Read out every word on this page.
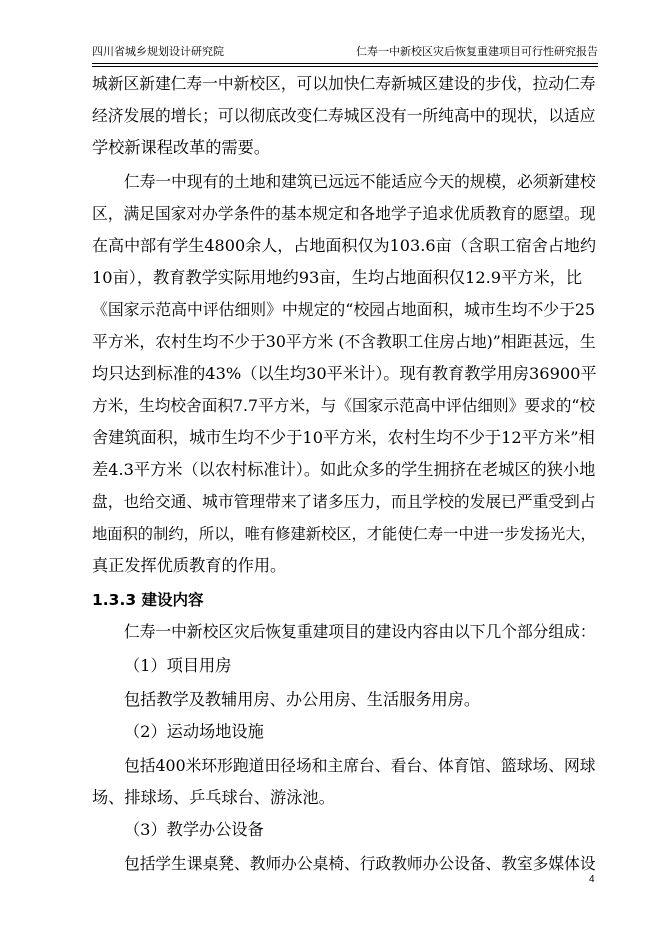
四川省城乡规划设计研究院	仁寿一中新校区灾后恢复重建项目可行性研究报告
城新区新建仁寿一中新校区，可以加快仁寿新城区建设的步伐，拉动仁寿
经济发展的增长；可以彻底改变仁寿城区没有一所纯高中的现状，以适应
学校新课程改革的需要。
仁寿一中现有的土地和建筑已远远不能适应今天的规模，必须新建校
区，满足国家对办学条件的基本规定和各地学子追求优质教育的愿望。现
在高中部有学生4800余人，占地面积仅为103.6亩（含职工宿舍占地约
10亩），教育教学实际用地约93亩，生均占地面积仅12.9平方米，比
《国家示范高中评估细则》中规定的“校园占地面积，城市生均不少于25
平方米，农村生均不少于30平方米 (不含教职工住房占地)”相距甚远，生
均只达到标准的43%（以生均30平米计）。现有教育教学用房36900平
方米，生均校舍面积7.7平方米，与《国家示范高中评估细则》要求的“校
舍建筑面积，城市生均不少于10平方米，农村生均不少于12平方米”相
差4.3平方米（以农村标准计）。如此众多的学生拥挤在老城区的狭小地
盘，也给交通、城市管理带来了诸多压力，而且学校的发展已严重受到占
地面积的制约，所以，唯有修建新校区，才能使仁寿一中进一步发扬光大，
真正发挥优质教育的作用。
1.3.3 建设内容
仁寿一中新校区灾后恢复重建项目的建设内容由以下几个部分组成：
（1）项目用房
包括教学及教辅用房、办公用房、生活服务用房。
（2）运动场地设施
包括400米环形跑道田径场和主席台、看台、体育馆、篮球场、网球
场、排球场、乒乓球台、游泳池。
（3）教学办公设备
包括学生课桌凳、教师办公桌椅、行政教师办公设备、教室多媒体设
4
